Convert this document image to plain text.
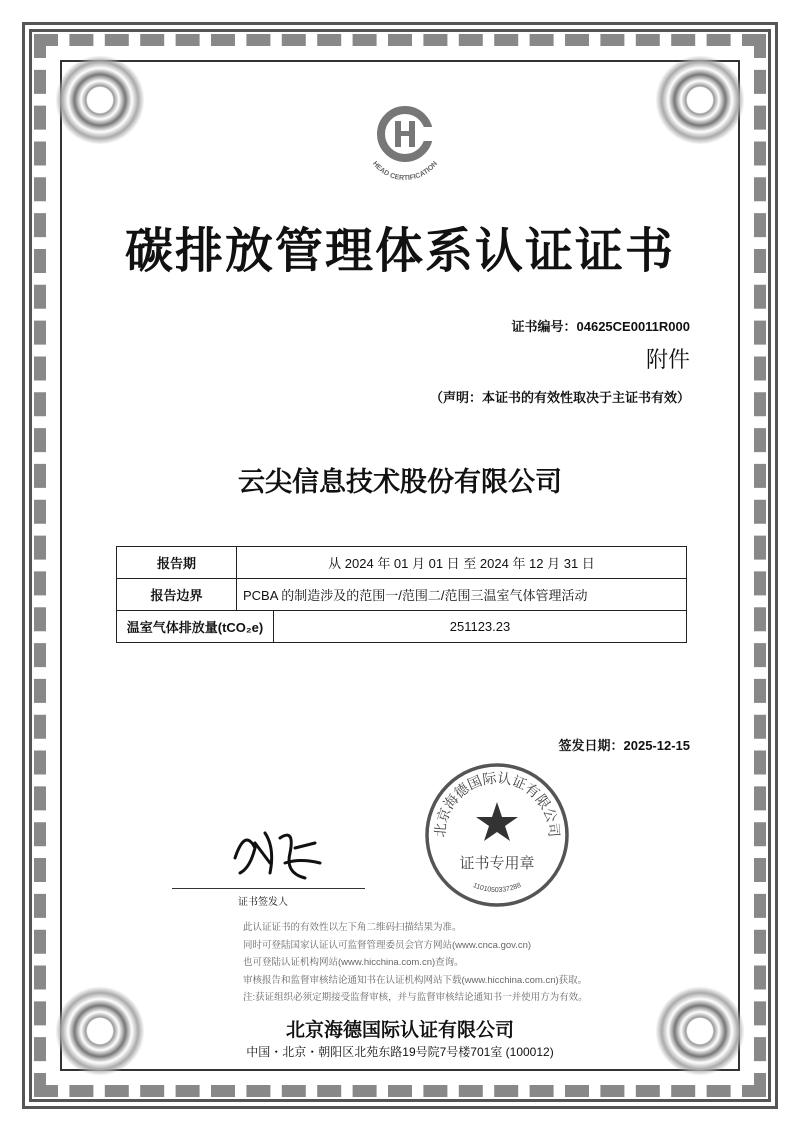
HEAD CERTIFICATION
碳排放管理体系认证证书
证书编号：04625CE0011R000
附件
（声明：本证书的有效性取决于主证书有效）
云尖信息技术股份有限公司
报告期	从 2024 年 01 月 01 日 至 2024 年 12 月 31 日	
报告边界	PCBA 的制造涉及的范围一/范围二/范围三温室气体管理活动	
温室气体排放量(tCO₂e)		251123.23
签发日期：2025-12-15
证书签发人
北京海德国际认证有限公司
证书专用章
1101050337288
此认证证书的有效性以左下角二维码扫描结果为准。
同时可登陆国家认证认可监督管理委员会官方网站(www.cnca.gov.cn)
也可登陆认证机构网站(www.hicchina.com.cn)查询。
审核报告和监督审核结论通知书在认证机构网站下载(www.hicchina.com.cn)获取。
注:获证组织必须定期接受监督审核，并与监督审核结论通知书一并使用方为有效。
北京海德国际认证有限公司
中国・北京・朝阳区北苑东路19号院7号楼701室 (100012)
